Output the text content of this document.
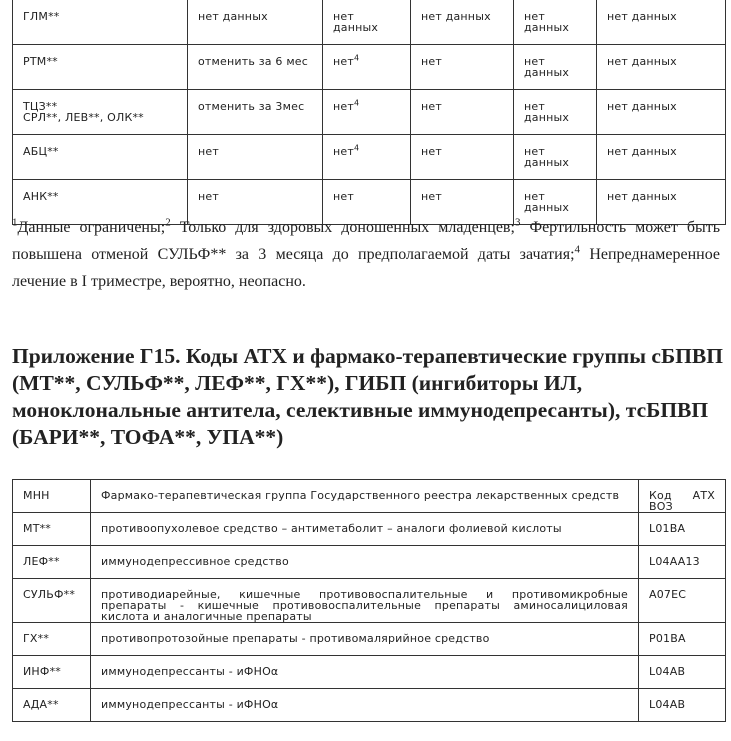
ГЛМ**	нет данных	нет данных	нет данных	нет данных	нет данных
РТМ**	отменить за 6 мес	нет$^4$	нет	нет данных	нет данных

ТЦЗ**
СРЛ**, ЛЕВ**, ОЛК**	отменить за 3мес	нет$^4$	нет	нет данных	нет данных
АБЦ**	нет	нет$^4$	нет	нет данных	нет данных
АНК**	нет	нет	нет	нет данных	нет данных

$^1$Данные ограничены;$^2$ Только для здоровых доношенных младенцев;$^3$ Фертильность может быть повышена отменой СУЛЬФ** за 3 месяца до предполагаемой даты зачатия;$^4$ Непреднамеренное лечение в I триместре, вероятно, неопасно.

Приложение Г15. Коды АТХ и фармако-терапевтические группы сБПВП (МТ**, СУЛЬФ**, ЛЕФ**, ГХ**), ГИБП (ингибиторы ИЛ, моноклональные антитела, селективные иммунодепресанты), тсБПВП (БАРИ**, ТОФА**, УПА**)
МНН	Фармако-терапевтическая группа Государственного реестра лекарственных средств	Код АТХ ВОЗ
МТ**	противоопухолевое средство – антиметаболит – аналоги фолиевой кислоты	L01BA
ЛЕФ**	иммунодепрессивное средство	L04AA13
СУЛЬФ**	противодиарейные, кишечные противовоспалительные и противомикробные препараты - кишечные противовоспалительные препараты аминосалициловая кислота и аналогичные препараты	A07EC
ГХ**	противопротозойные препараты - противомалярийное средство	P01BA
ИНФ**	иммунодепрессанты - иФНОα	L04AB
АДА**	иммунодепрессанты - иФНОα	L04AB
